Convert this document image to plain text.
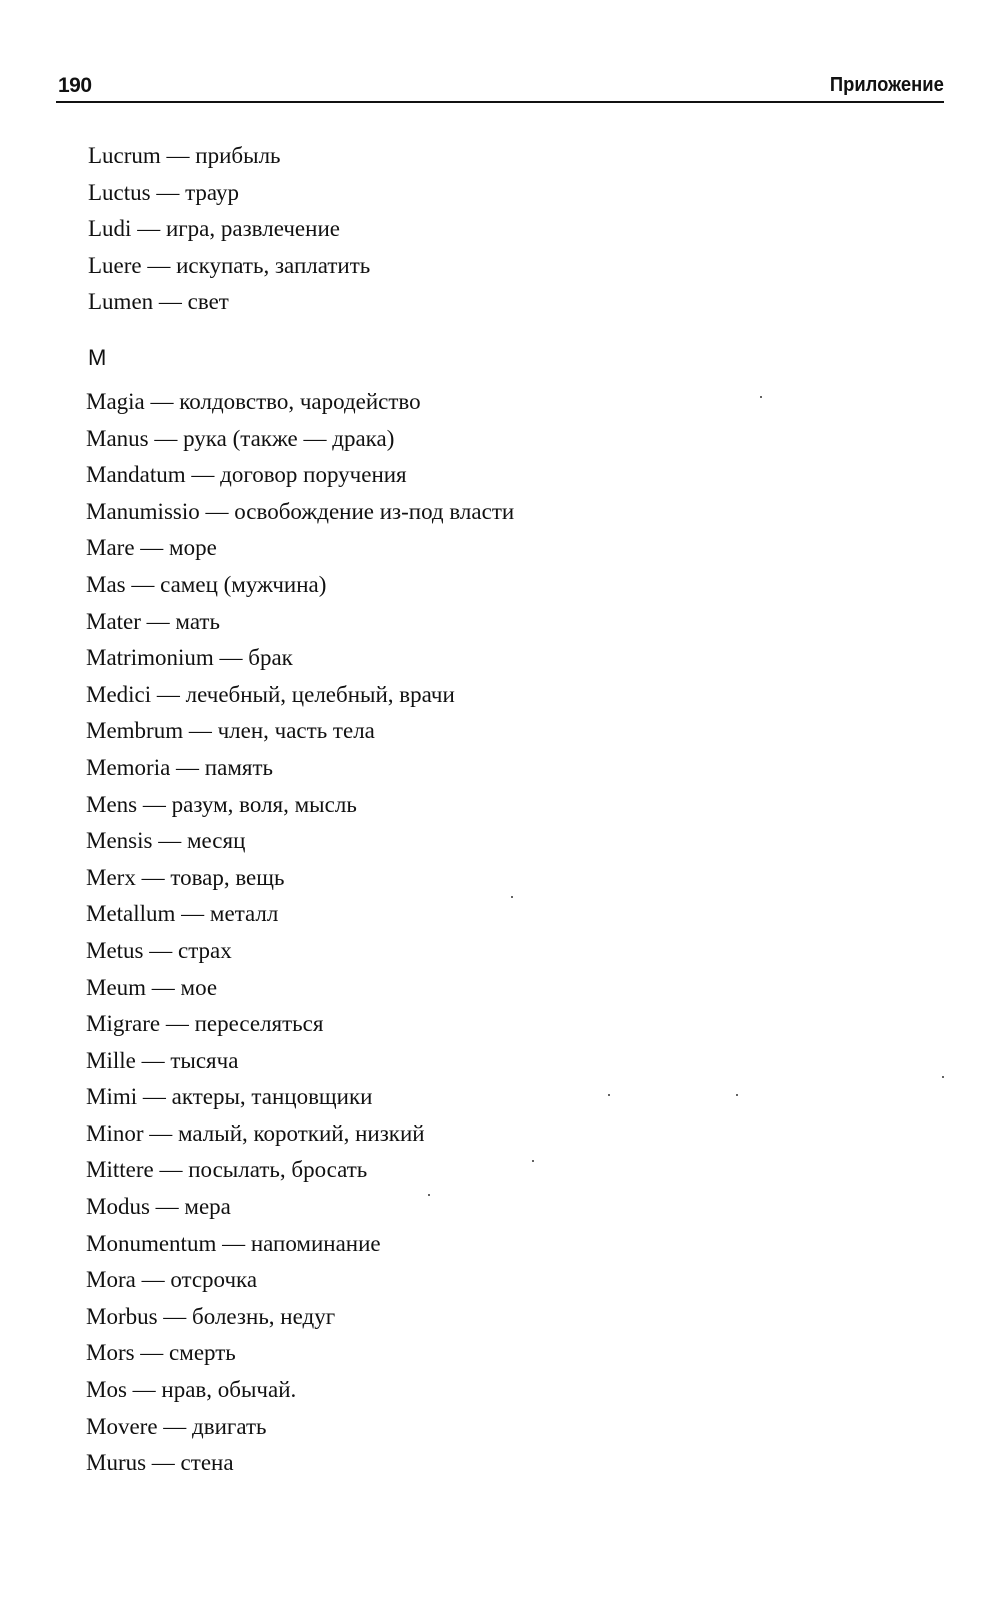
190	Приложение
Lucrum — прибыль
Luctus — траур
Ludi — игра, развлечение
Luere — искупать, заплатить
Lumen — свет
М
Magia — колдовство, чародейство
Manus — рука (также — драка)
Mandatum — договор поручения
Manumissio — освобождение из-под власти
Mare — море
Mas — самец (мужчина)
Mater — мать
Matrimonium — брак
Medici — лечебный, целебный, врачи
Membrum — член, часть тела
Memoria — память
Mens — разум, воля, мысль
Mensis — месяц
Merx — товар, вещь
Metallum — металл
Metus — страх
Meum — мое
Migrare — переселяться
Mille — тысяча
Mimi — актеры, танцовщики
Minor — малый, короткий, низкий
Mittere — посылать, бросать
Modus — мера
Monumentum — напоминание
Mora — отсрочка
Morbus — болезнь, недуг
Mors — смерть
Mos — нрав, обычай.
Movere — двигать
Murus — стена
